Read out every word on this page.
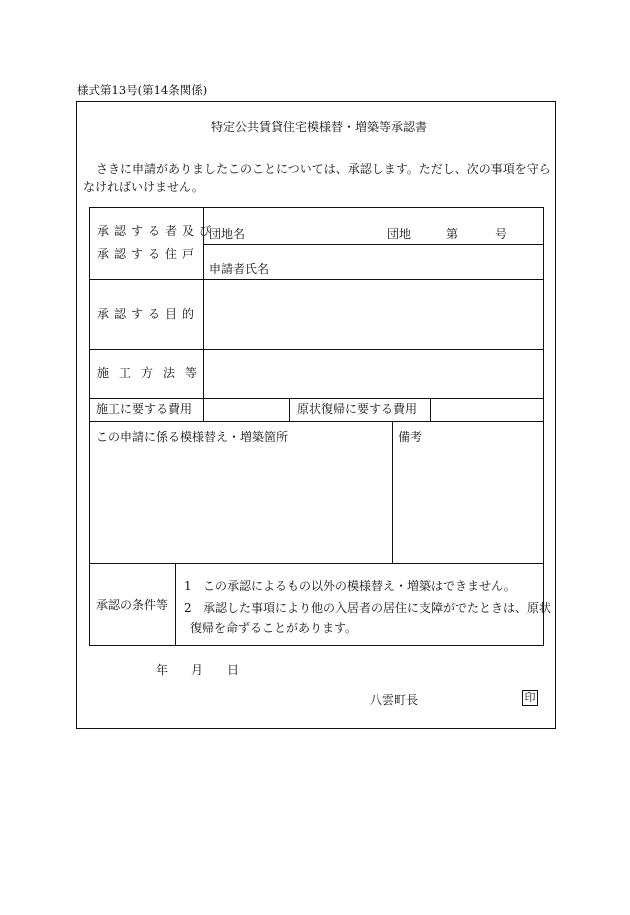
様式第13号(第14条関係)
特定公共賃貸住宅模様替・増築等承認書
さきに申請がありましたこのことについては、承認します。ただし、次の事項を守ら
なければいけません。
承認する者及び
承認する住戸
団地名	団地	第	号
申請者氏名
承認する目的
施工方法等
施工に要する費用	原状復帰に要する費用
この申請に係る模様替え・増築箇所	備考
承認の条件等
1 この承認によるもの以外の模様替え・増築はできません。
2 承認した事項により他の入居者の居住に支障がでたときは、原状
復帰を命ずることがあります。
年 月 日
八雲町長	印
